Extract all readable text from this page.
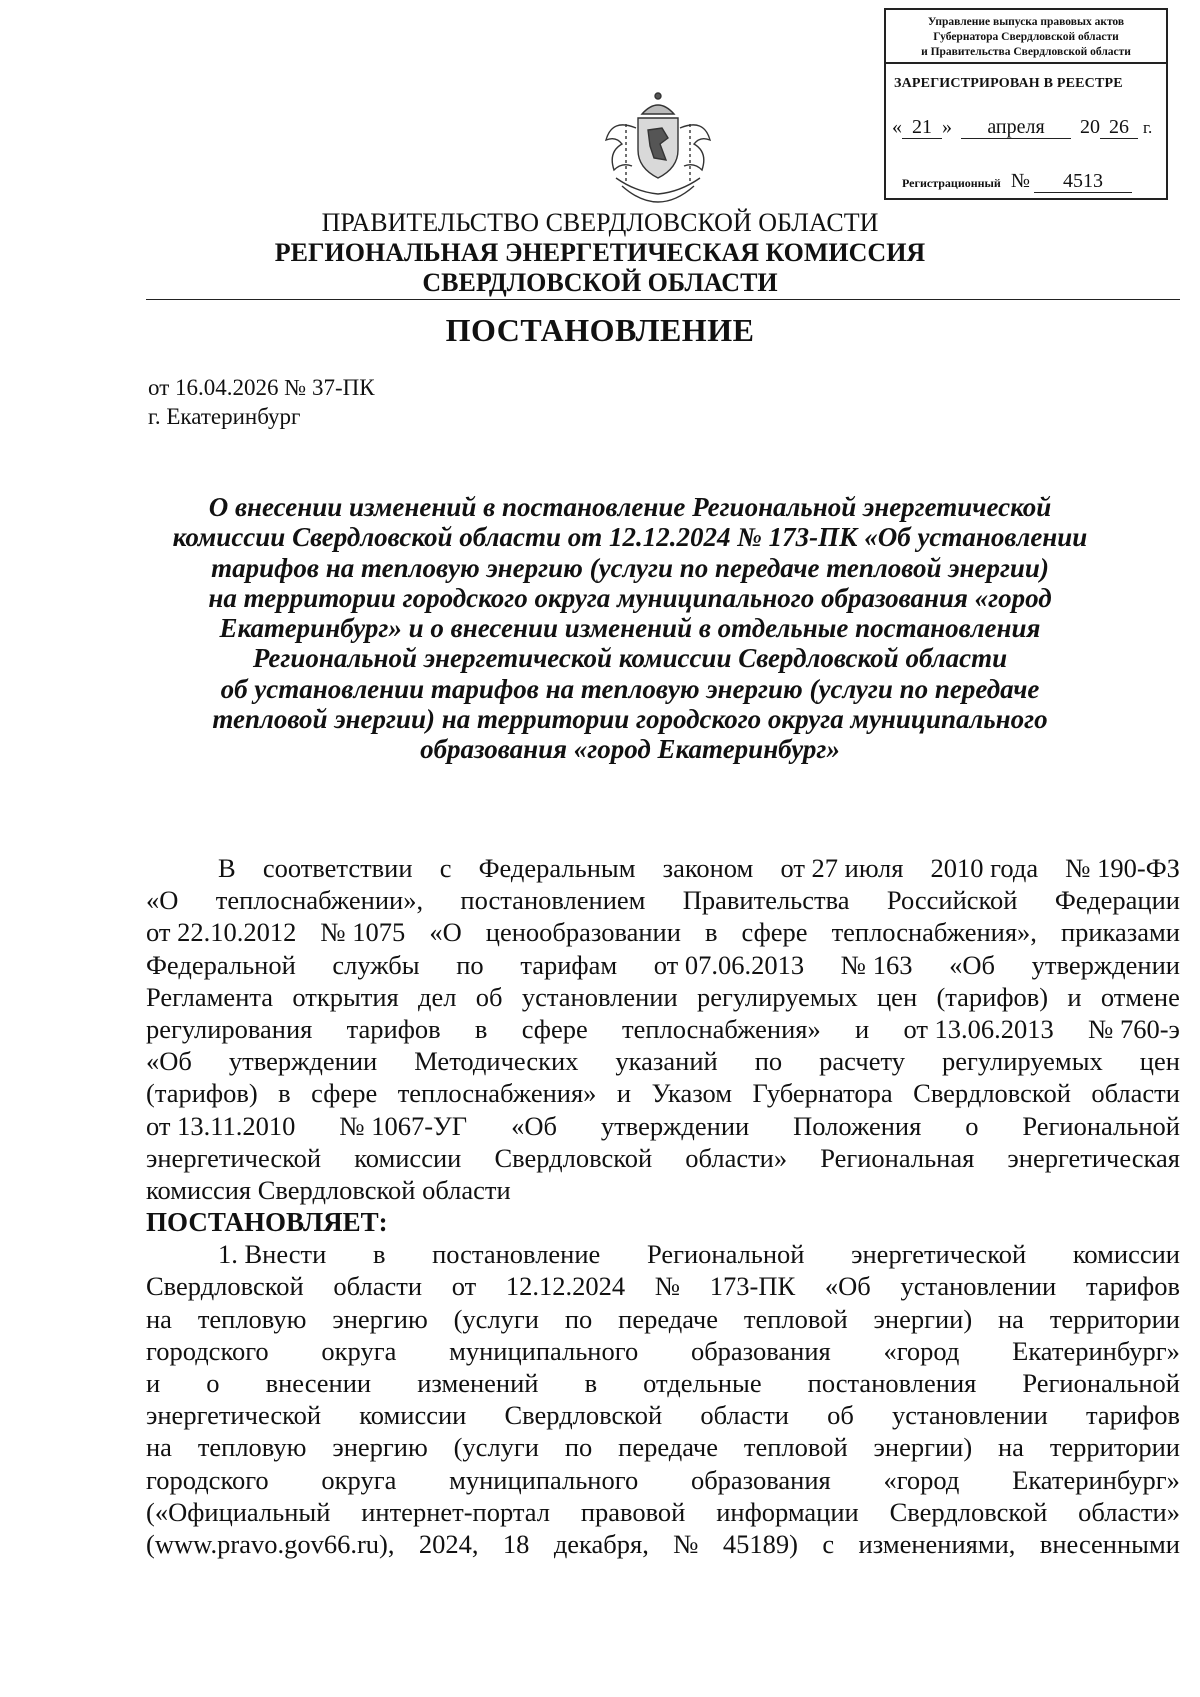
Управление выпуска правовых актов
Губернатора Свердловской области
и Правительства Свердловской области
ЗАРЕГИСТРИРОВАН В РЕЕСТРЕ
« 21 » апреля 20 26 г.
Регистрационный № 4513
ПРАВИТЕЛЬСТВО СВЕРДЛОВСКОЙ ОБЛАСТИ
РЕГИОНАЛЬНАЯ ЭНЕРГЕТИЧЕСКАЯ КОМИССИЯ
СВЕРДЛОВСКОЙ ОБЛАСТИ
ПОСТАНОВЛЕНИЕ
от 16.04.2026 № 37-ПК
г. Екатеринбург
О внесении изменений в постановление Региональной энергетической
комиссии Свердловской области от 12.12.2024 № 173-ПК «Об установлении
тарифов на тепловую энергию (услуги по передаче тепловой энергии)
на территории городского округа муниципального образования «город
Екатеринбург» и о внесении изменений в отдельные постановления
Региональной энергетической комиссии Свердловской области
об установлении тарифов на тепловую энергию (услуги по передаче
тепловой энергии) на территории городского округа муниципального
образования «город Екатеринбург»
В соответствии с Федеральным законом от 27 июля 2010 года № 190-ФЗ
«О теплоснабжении», постановлением Правительства Российской Федерации
от 22.10.2012 № 1075 «О ценообразовании в сфере теплоснабжения», приказами
Федеральной службы по тарифам от 07.06.2013 № 163 «Об утверждении
Регламента открытия дел об установлении регулируемых цен (тарифов) и отмене
регулирования тарифов в сфере теплоснабжения» и от 13.06.2013 № 760-э
«Об утверждении Методических указаний по расчету регулируемых цен
(тарифов) в сфере теплоснабжения» и Указом Губернатора Свердловской области
от 13.11.2010 № 1067-УГ «Об утверждении Положения о Региональной
энергетической комиссии Свердловской области» Региональная энергетическая
комиссия Свердловской области
ПОСТАНОВЛЯЕТ:
1. Внести в постановление Региональной энергетической комиссии
Свердловской области от 12.12.2024 № 173-ПК «Об установлении тарифов
на тепловую энергию (услуги по передаче тепловой энергии) на территории
городского округа муниципального образования «город Екатеринбург»
и о внесении изменений в отдельные постановления Региональной
энергетической комиссии Свердловской области об установлении тарифов
на тепловую энергию (услуги по передаче тепловой энергии) на территории
городского округа муниципального образования «город Екатеринбург»
(«Официальный интернет-портал правовой информации Свердловской области»
(www.pravo.gov66.ru), 2024, 18 декабря, № 45189) с изменениями, внесенными
